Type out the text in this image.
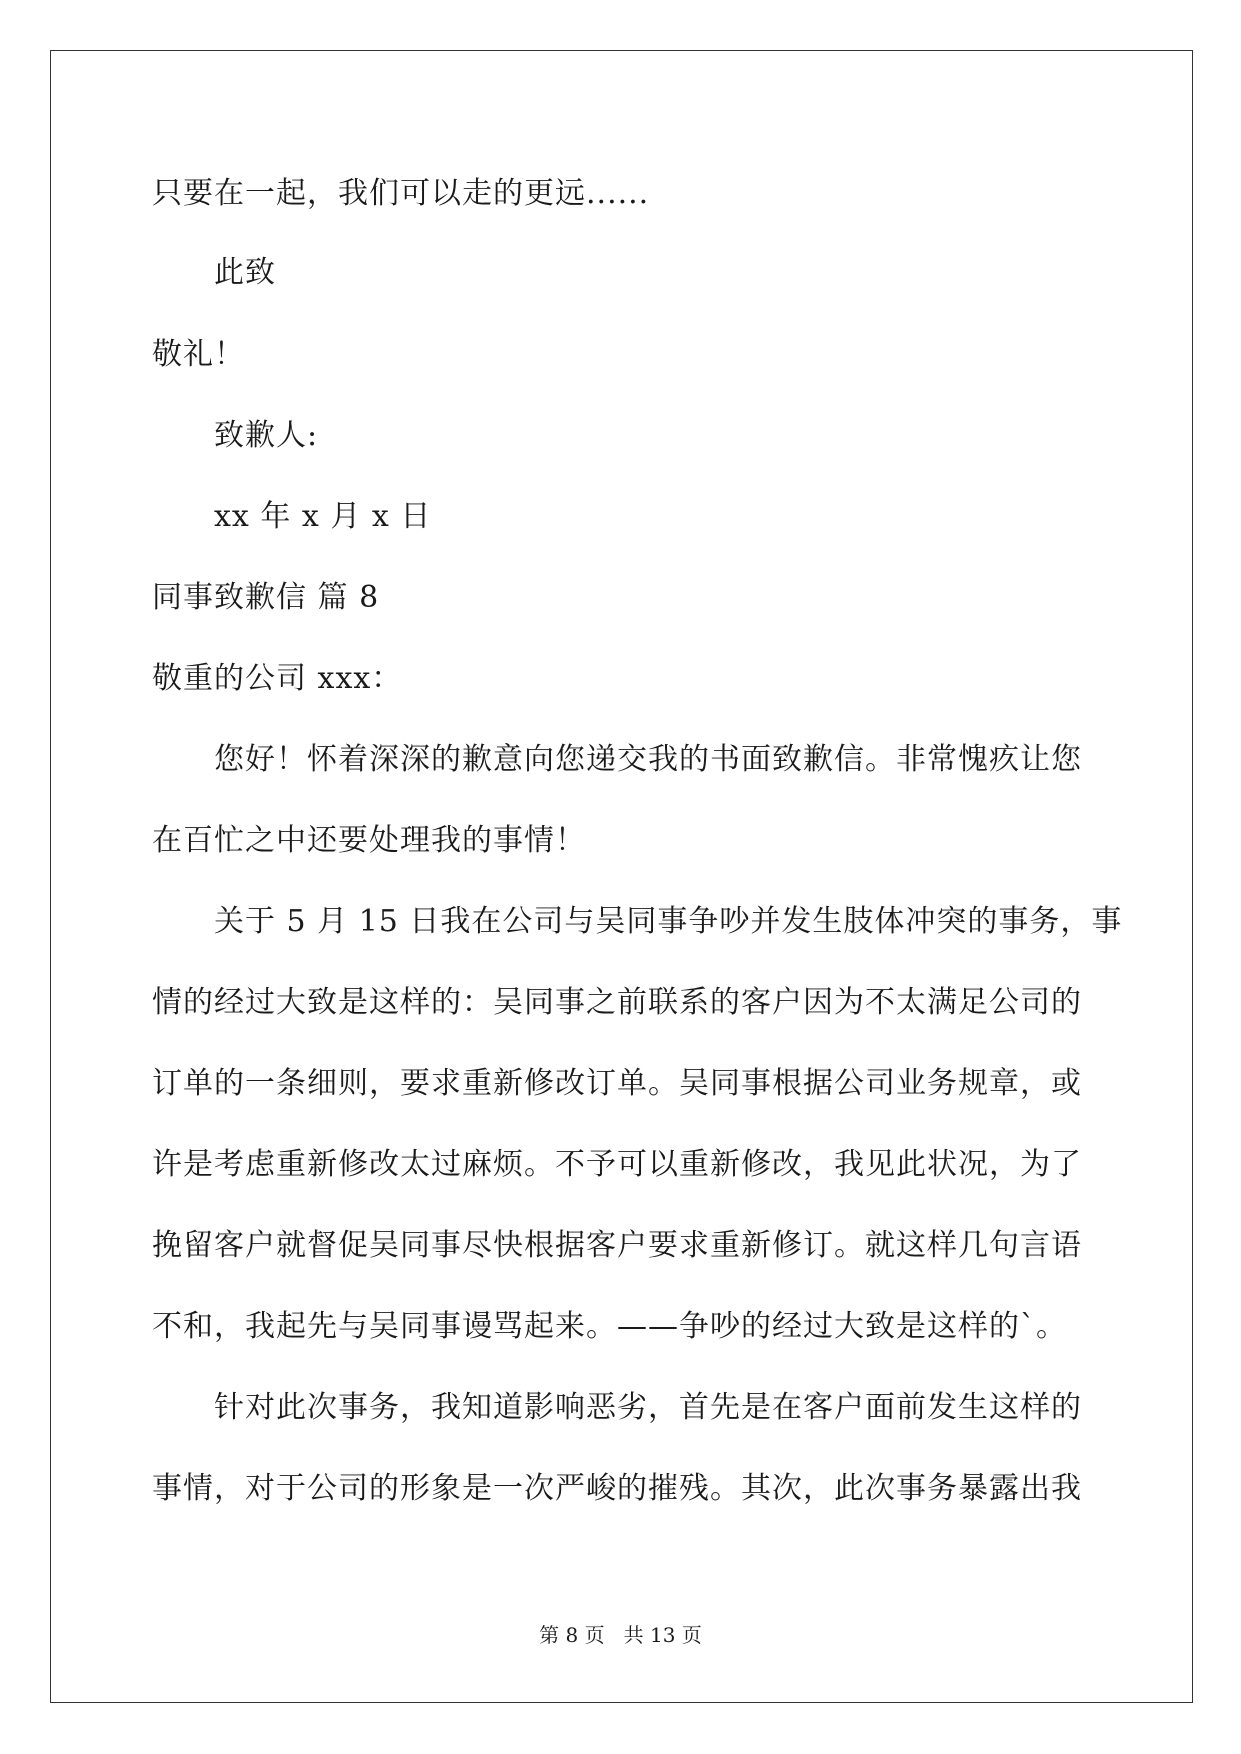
只要在一起，我们可以走的更远......
此致
敬礼！
致歉人:
xx 年 x 月 x 日
同事致歉信 篇 8
敬重的公司 xxx：
您好！怀着深深的歉意向您递交我的书面致歉信。非常愧疚让您
在百忙之中还要处理我的事情！
关于 5 月 15 日我在公司与吴同事争吵并发生肢体冲突的事务，事
情的经过大致是这样的：吴同事之前联系的客户因为不太满足公司的
订单的一条细则，要求重新修改订单。吴同事根据公司业务规章，或
许是考虑重新修改太过麻烦。不予可以重新修改，我见此状况，为了
挽留客户就督促吴同事尽快根据客户要求重新修订。就这样几句言语
不和，我起先与吴同事谩骂起来。——争吵的经过大致是这样的`。
针对此次事务，我知道影响恶劣，首先是在客户面前发生这样的
事情，对于公司的形象是一次严峻的摧残。其次，此次事务暴露出我
第 8 页   共 13 页
